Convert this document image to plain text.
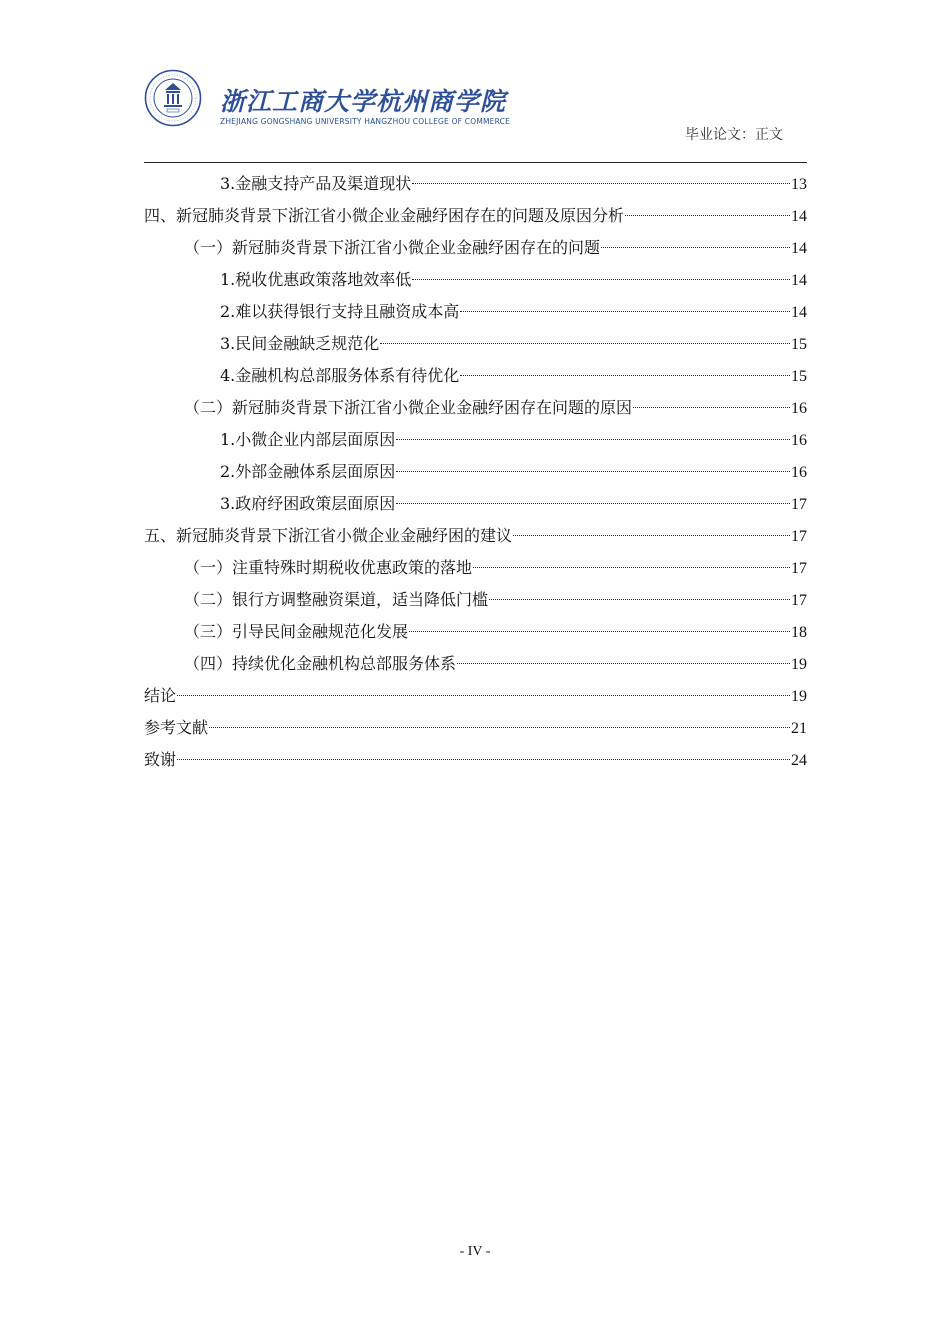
浙江工商大学杭州商学院
ZHEJIANG GONGSHANG UNIVERSITY HANGZHOU COLLEGE OF COMMERCE
毕业论文：正文
3.金融支持产品及渠道现状	13
四、新冠肺炎背景下浙江省小微企业金融纾困存在的问题及原因分析	14
（一）新冠肺炎背景下浙江省小微企业金融纾困存在的问题	14
1.税收优惠政策落地效率低	14
2.难以获得银行支持且融资成本高	14
3.民间金融缺乏规范化	15
4.金融机构总部服务体系有待优化	15
（二）新冠肺炎背景下浙江省小微企业金融纾困存在问题的原因	16
1.小微企业内部层面原因	16
2.外部金融体系层面原因	16
3.政府纾困政策层面原因	17
五、新冠肺炎背景下浙江省小微企业金融纾困的建议	17
（一）注重特殊时期税收优惠政策的落地	17
（二）银行方调整融资渠道，适当降低门槛	17
（三）引导民间金融规范化发展	18
（四）持续优化金融机构总部服务体系	19
结论	19
参考文献	21
致谢	24
- IV -
